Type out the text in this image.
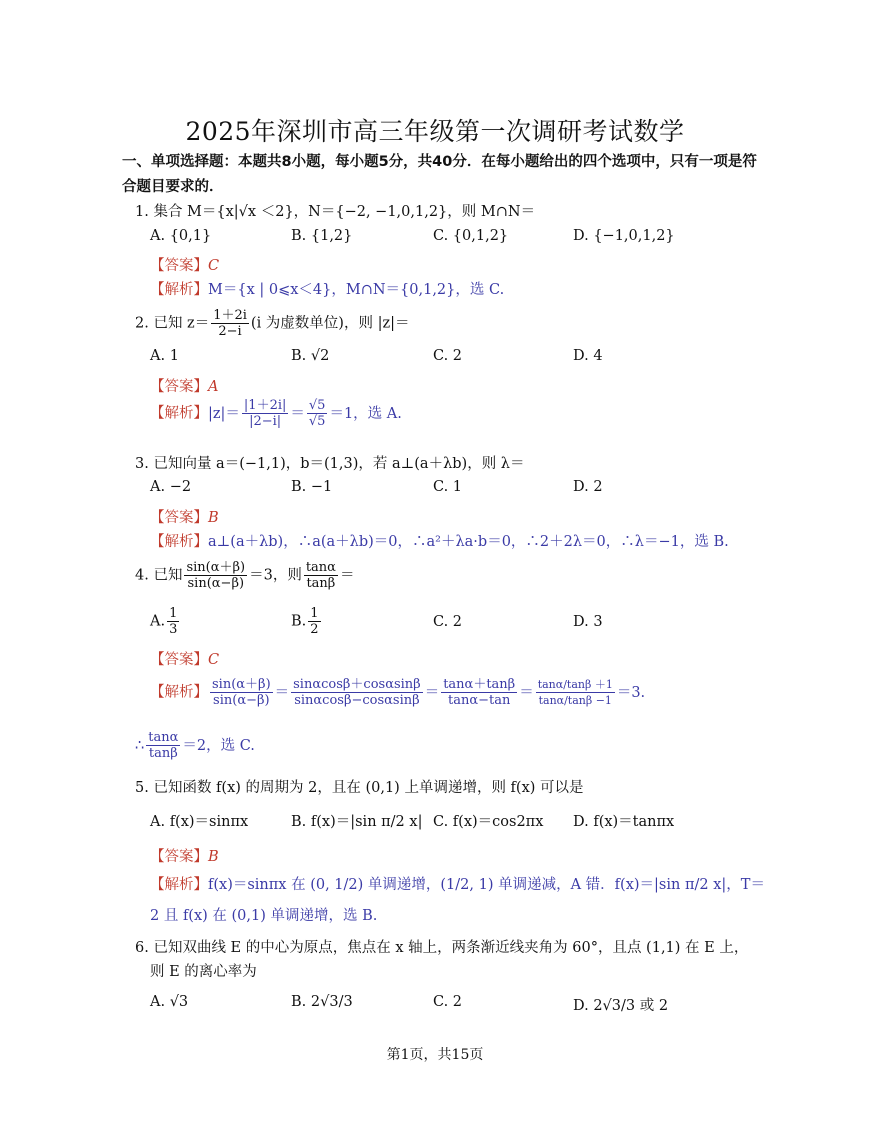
2025年深圳市高三年级第一次调研考试数学
一、单项选择题：本题共8小题，每小题5分，共40分．在每小题给出的四个选项中，只有一项是符合题目要求的．
1. 集合 M＝{x|√x ＜2}，N＝{−2, −1,0,1,2}，则 M∩N＝
A. {0,1}	B. {1,2}	C. {0,1,2}	D. {−1,0,1,2}
【答案】C
【解析】M＝{x | 0⩽x＜4}，M∩N＝{0,1,2}，选 C.
2. 已知 $z= \frac{1+2i}{2-i} (i$ 为虚数单位)，则 |z|＝
A. 1	B. √2	C. 2	D. 4
【答案】A
【解析】$|z|= \frac{|1+2i|}{|2-i|} = \frac{√5}{√5} =1$，选 A.
3. 已知向量 a＝(−1,1)，b＝(1,3)，若 a⊥(a＋λb)，则 λ＝
A. −2	B. −1	C. 1	D. 2
【答案】B
【解析】a⊥(a＋λb)，∴a(a＋λb)＝0，∴a²＋λa·b＝0，∴2＋2λ＝0，∴λ＝−1，选 B.
4. 已知 $\frac{\sin(\alpha+\beta)}{\sin(\alpha-\beta)} =3$，则 $\frac{\tan\alpha}{\tan\beta}$ ＝
A. $\frac{1}{3}$	B. $\frac{1}{2}$	C. 2	D. 3
【答案】C
【解析】 $\frac{\sin(\alpha+\beta)}{\sin(\alpha-\beta)} = \frac{\sin\alpha\cos\beta+\cos\alpha\sin\beta}{\sin\alpha\cos\beta-\cos\alpha\sin\beta} = \frac{\tan\alpha+\tan\beta}{\tan\alpha-\tan} = \frac{\tan\alpha/\tan\beta +1}{\tan\alpha/\tan\beta -1} =3$.
∴ $\frac{\tan\alpha}{\tan\beta} =2$，选 C.
5. 已知函数 f(x) 的周期为 2，且在 (0,1) 上单调递增，则 f(x) 可以是
A. f(x)＝sinπx	B. f(x)＝|sin π/2 x| C. f(x)＝cos2πx D. f(x)＝tanπx
【答案】B
【解析】f(x)＝sinπx 在 (0, 1/2) 单调递增，(1/2, 1) 单调递减，A 错．f(x)＝|sin π/2 x|，T＝
2 且 f(x) 在 (0,1) 单调递增，选 B.
6. 已知双曲线 E 的中心为原点，焦点在 x 轴上，两条渐近线夹角为 60°，且点 (1,1) 在 E 上，
则 E 的离心率为
A. √3	B. 2√3/3	C. 2	D. 2√3/3 或 2
第1页，共15页
